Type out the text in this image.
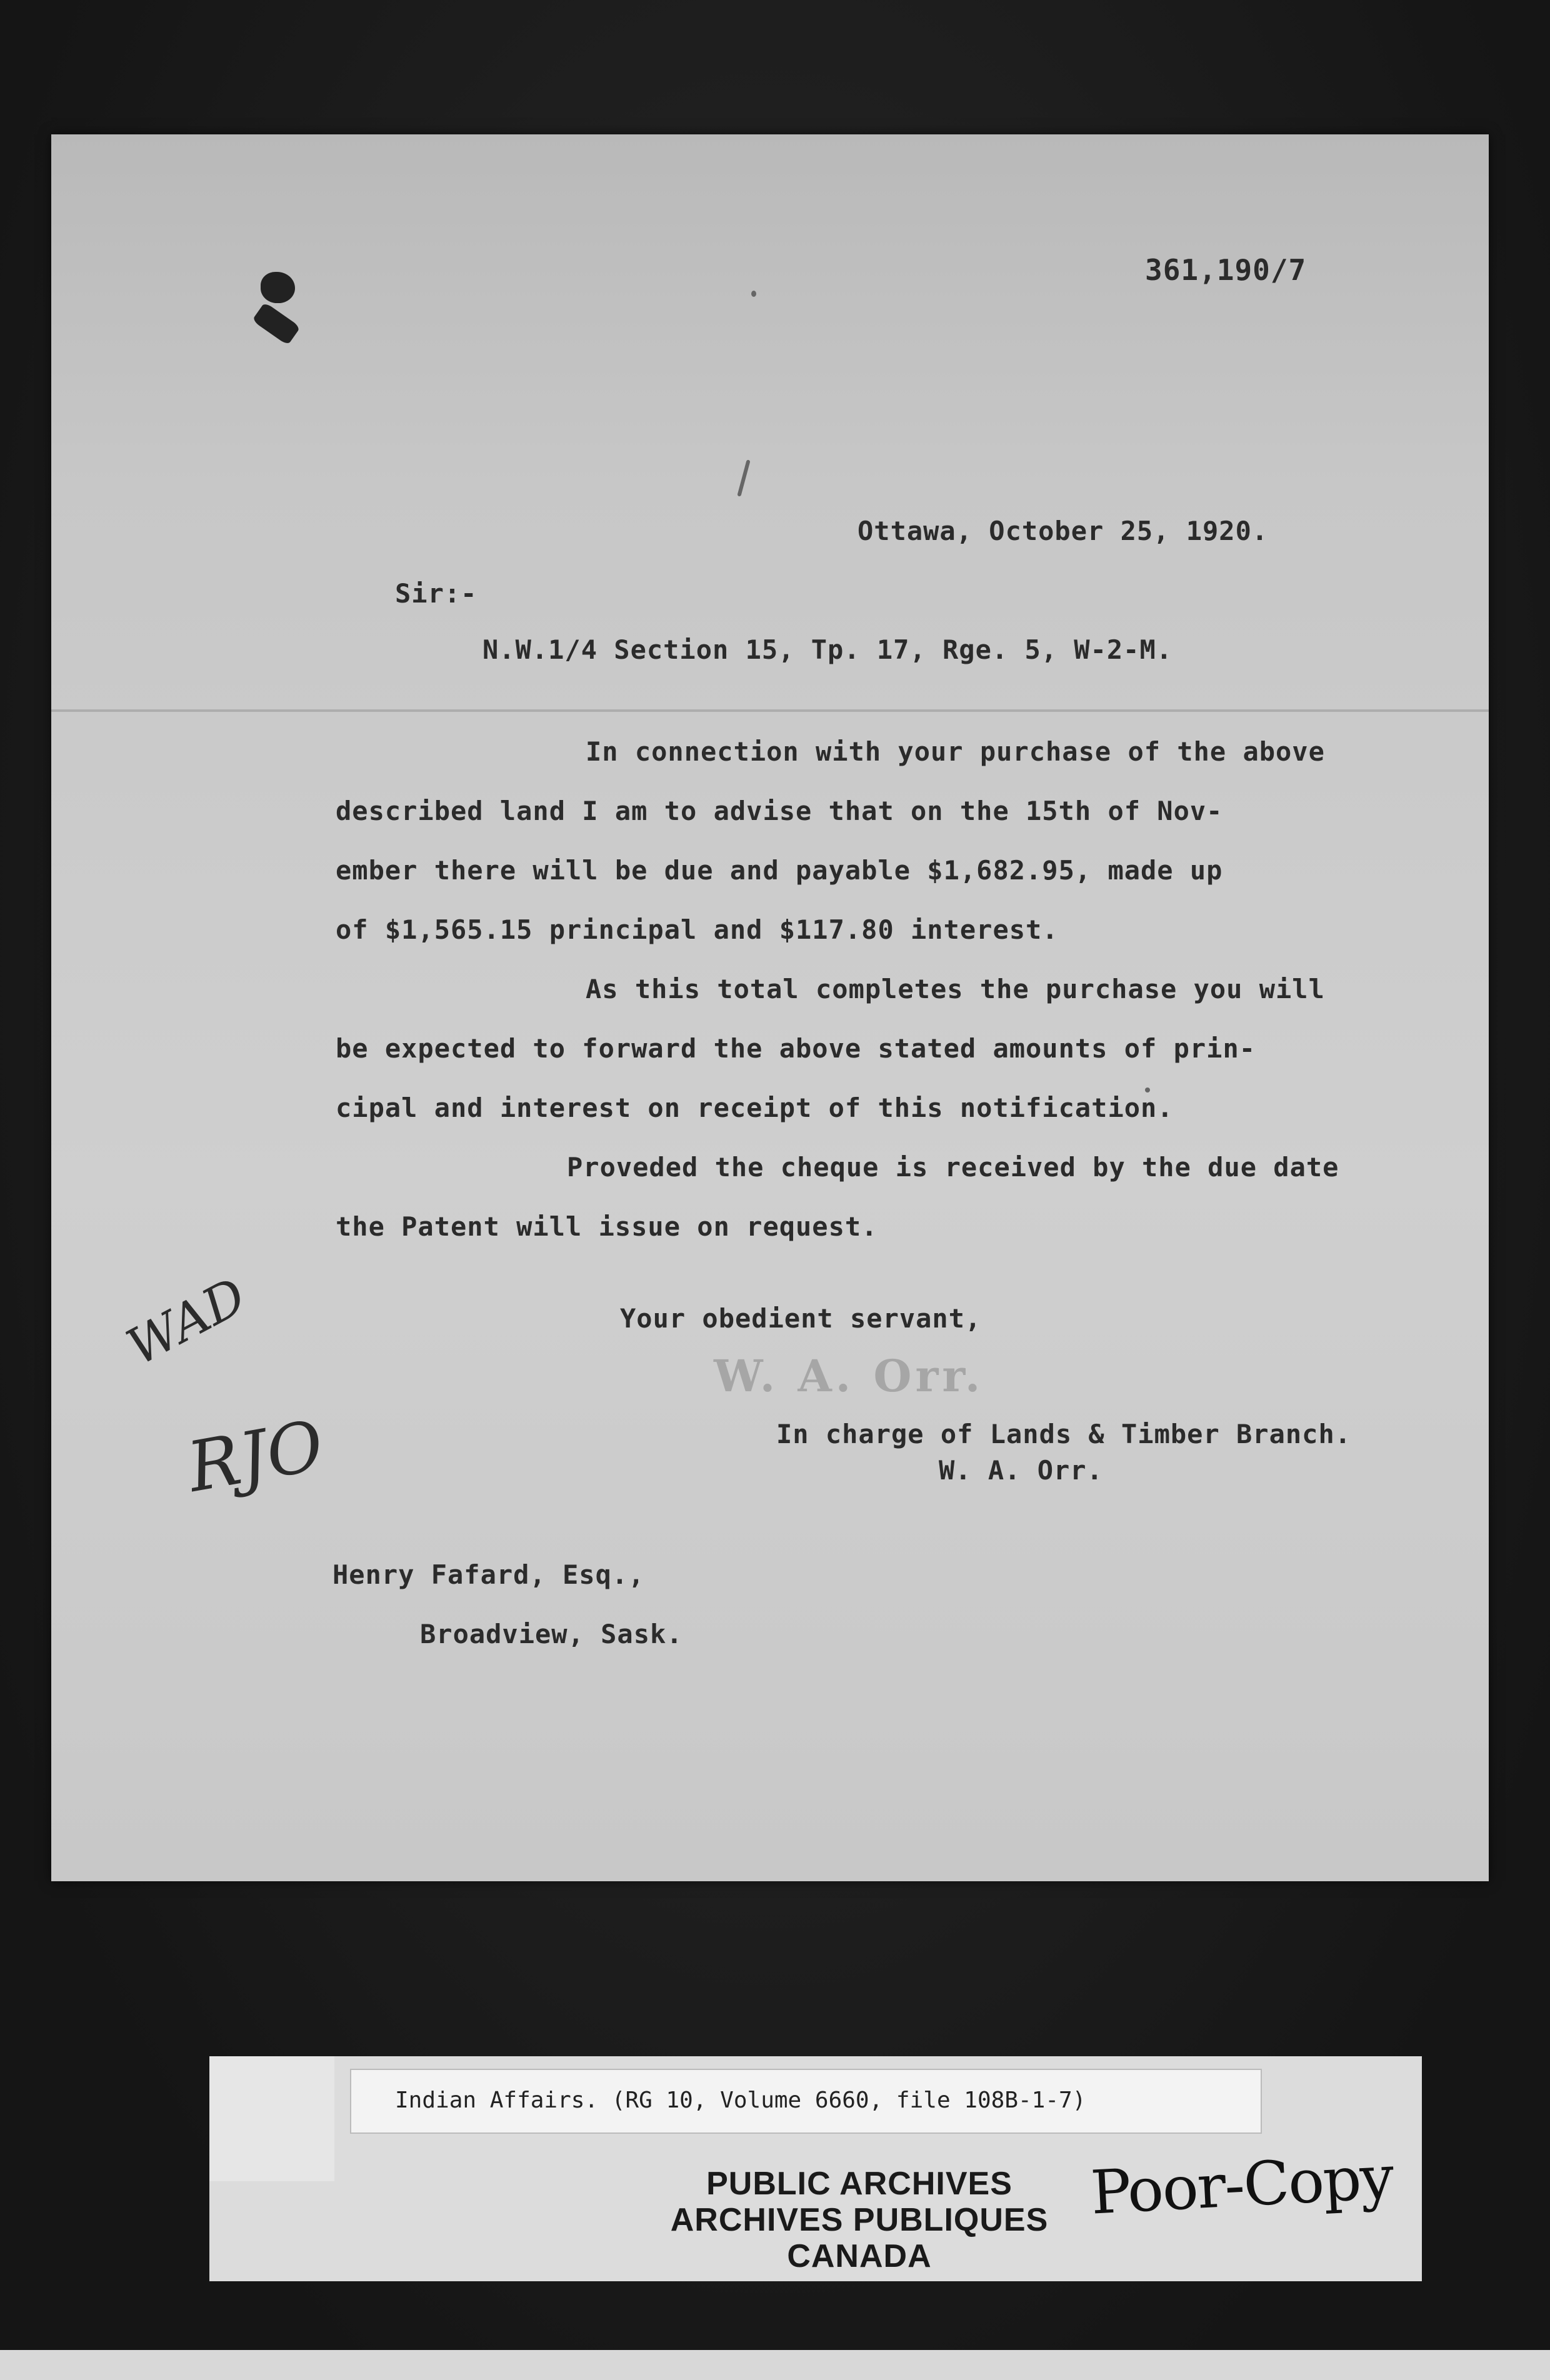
361,190/7
Ottawa, October 25, 1920.
Sir:-
N.W.1/4 Section 15, Tp. 17, Rge. 5, W-2-M.
In connection with your purchase of the above
described land I am to advise that on the 15th of Nov-
ember there will be due and payable $1,682.95, made up
of $1,565.15 principal and $117.80 interest.
As this total completes the purchase you will
be expected to forward the above stated amounts of prin-
cipal and interest on receipt of this notification.
Proveded the cheque is received by the due date
the Patent will issue on request.
Your obedient servant,
W. A. Orr.
In charge of Lands & Timber Branch.
W. A. Orr.
Henry Fafard, Esq.,
Broadview, Sask.
WAD
RJO
Indian Affairs. (RG 10, Volume 6660, file 108B-1-7)
PUBLIC ARCHIVES
ARCHIVES PUBLIQUES
CANADA
Poor-Copy
